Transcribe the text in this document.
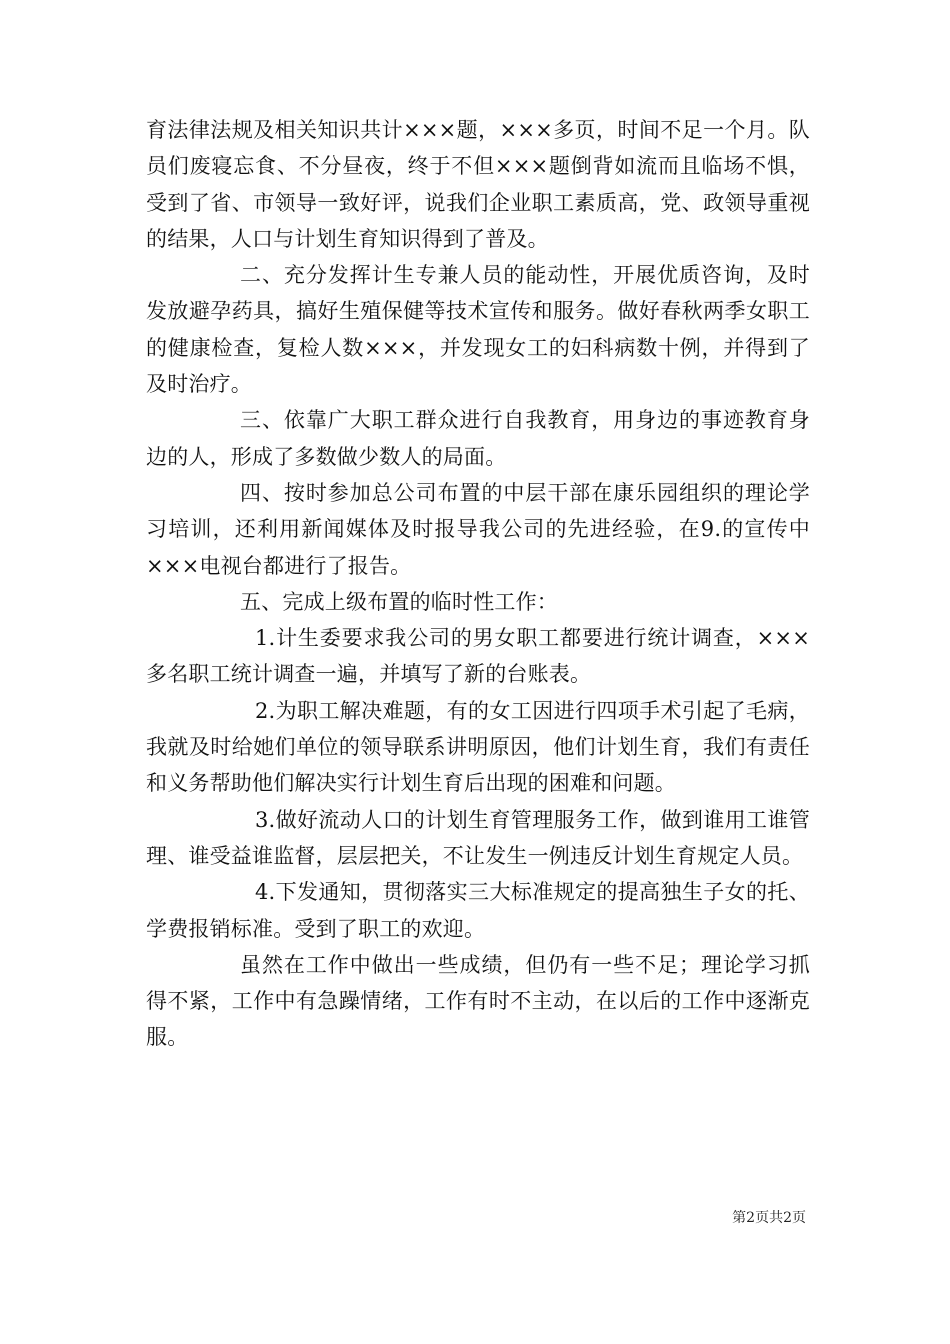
育法律法规及相关知识共计×××题，×××多页，时间不足一个月。队员们废寝忘食、不分昼夜，终于不但×××题倒背如流而且临场不惧，受到了省、市领导一致好评，说我们企业职工素质高，党、政领导重视的结果，人口与计划生育知识得到了普及。

二、充分发挥计生专兼人员的能动性，开展优质咨询，及时发放避孕药具，搞好生殖保健等技术宣传和服务。做好春秋两季女职工的健康检查，复检人数×××，并发现女工的妇科病数十例，并得到了及时治疗。

三、依靠广大职工群众进行自我教育，用身边的事迹教育身边的人，形成了多数做少数人的局面。

四、按时参加总公司布置的中层干部在康乐园组织的理论学习培训，还利用新闻媒体及时报导我公司的先进经验，在9.的宣传中×××电视台都进行了报告。

五、完成上级布置的临时性工作：

1.计生委要求我公司的男女职工都要进行统计调查，×××多名职工统计调查一遍，并填写了新的台账表。

2.为职工解决难题，有的女工因进行四项手术引起了毛病，我就及时给她们单位的领导联系讲明原因，他们计划生育，我们有责任和义务帮助他们解决实行计划生育后出现的困难和问题。

3.做好流动人口的计划生育管理服务工作，做到谁用工谁管理、谁受益谁监督，层层把关，不让发生一例违反计划生育规定人员。

4.下发通知，贯彻落实三大标准规定的提高独生子女的托、学费报销标准。受到了职工的欢迎。

虽然在工作中做出一些成绩，但仍有一些不足；理论学习抓得不紧，工作中有急躁情绪，工作有时不主动，在以后的工作中逐渐克服。

第2页共2页
